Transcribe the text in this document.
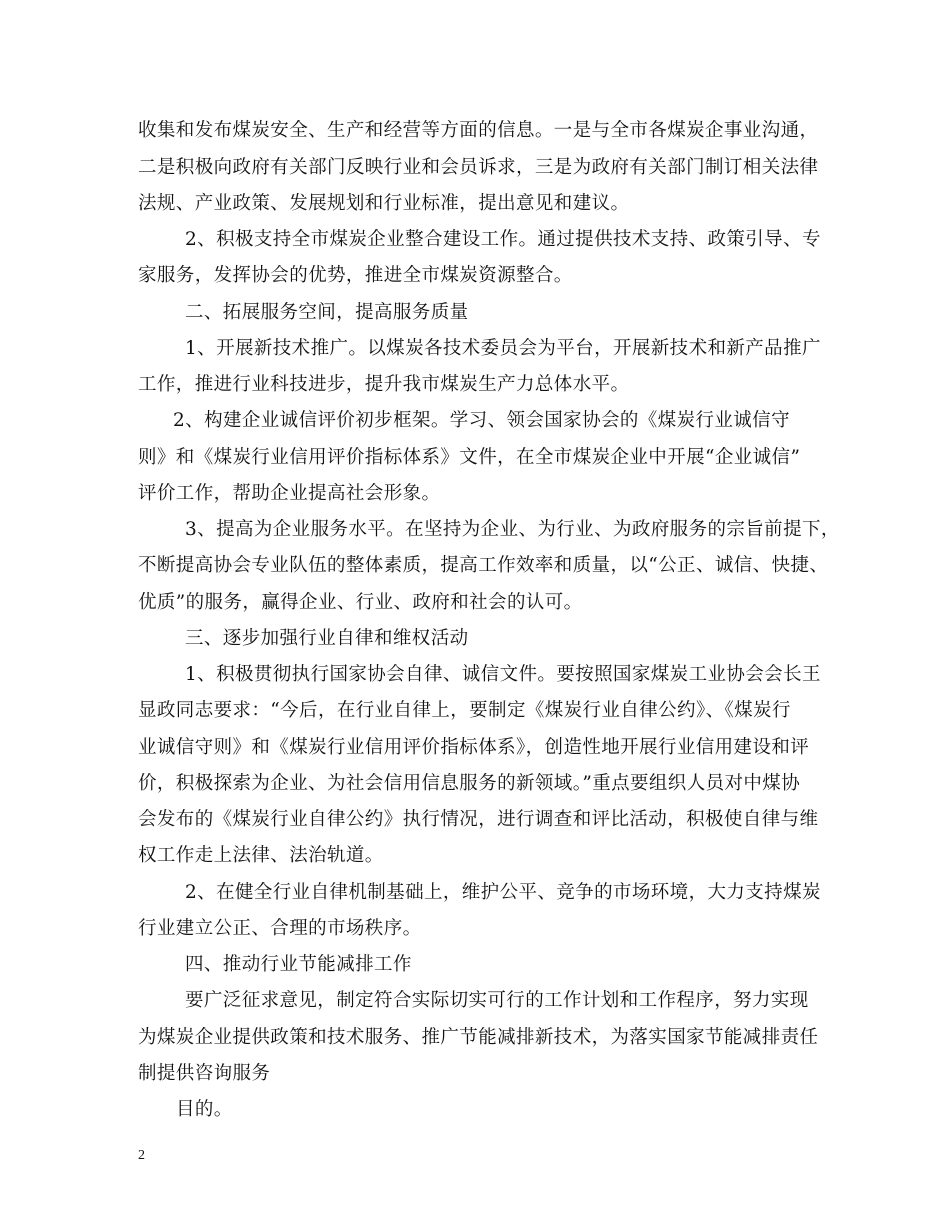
收集和发布煤炭安全、生产和经营等方面的信息。一是与全市各煤炭企事业沟通，
二是积极向政府有关部门反映行业和会员诉求，三是为政府有关部门制订相关法律
法规、产业政策、发展规划和行业标准，提出意见和建议。
2、积极支持全市煤炭企业整合建设工作。通过提供技术支持、政策引导、专
家服务，发挥协会的优势，推进全市煤炭资源整合。
二、拓展服务空间，提高服务质量
1、开展新技术推广。以煤炭各技术委员会为平台，开展新技术和新产品推广
工作，推进行业科技进步，提升我市煤炭生产力总体水平。
2、构建企业诚信评价初步框架。学习、领会国家协会的《煤炭行业诚信守
则》和《煤炭行业信用评价指标体系》文件，在全市煤炭企业中开展“企业诚信”
评价工作，帮助企业提高社会形象。
3、提高为企业服务水平。在坚持为企业、为行业、为政府服务的宗旨前提下，
不断提高协会专业队伍的整体素质，提高工作效率和质量，以“公正、诚信、快捷、
优质”的服务，赢得企业、行业、政府和社会的认可。
三、逐步加强行业自律和维权活动
1、积极贯彻执行国家协会自律、诚信文件。要按照国家煤炭工业协会会长王
显政同志要求：“今后，在行业自律上，要制定《煤炭行业自律公约》、《煤炭行
业诚信守则》和《煤炭行业信用评价指标体系》，创造性地开展行业信用建设和评
价，积极探索为企业、为社会信用信息服务的新领域。”重点要组织人员对中煤协
会发布的《煤炭行业自律公约》执行情况，进行调查和评比活动，积极使自律与维
权工作走上法律、法治轨道。
2、在健全行业自律机制基础上，维护公平、竞争的市场环境，大力支持煤炭
行业建立公正、合理的市场秩序。
四、推动行业节能减排工作
要广泛征求意见，制定符合实际切实可行的工作计划和工作程序，努力实现
为煤炭企业提供政策和技术服务、推广节能减排新技术，为落实国家节能减排责任
制提供咨询服务
目的。
2
